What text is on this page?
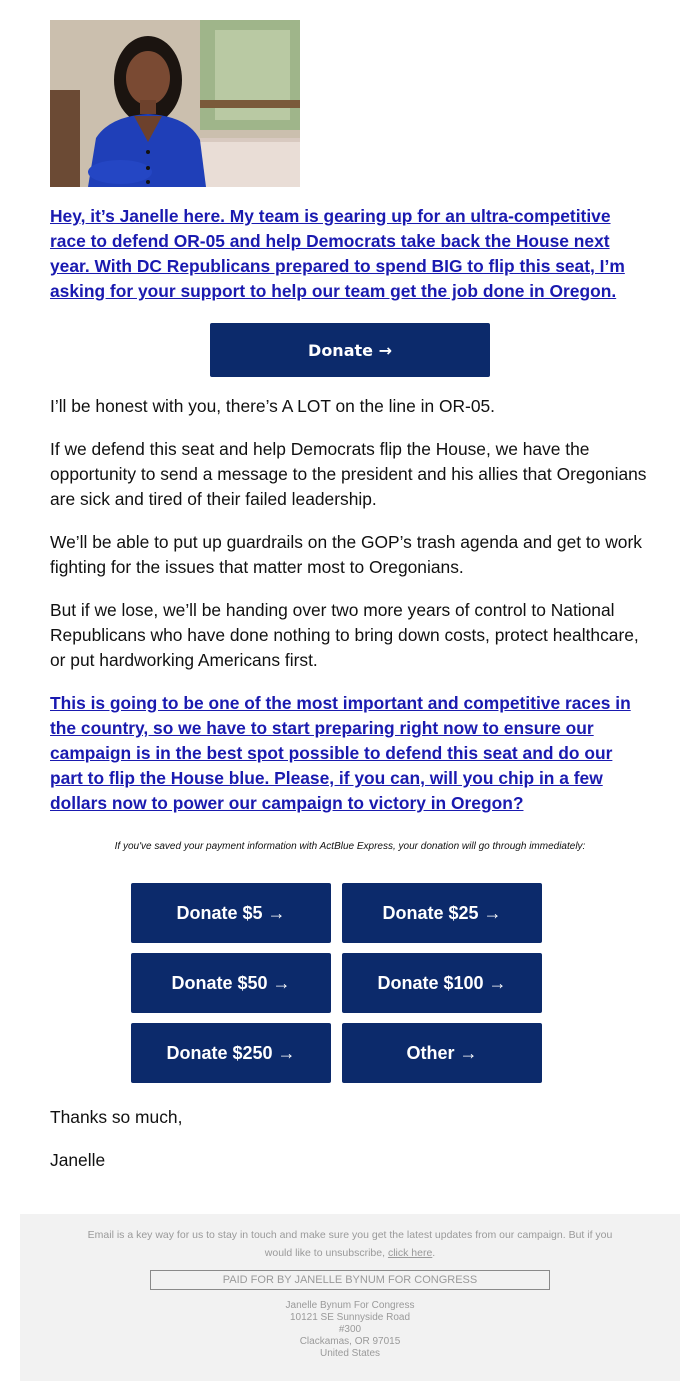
Hey, it’s Janelle here. My team is gearing up for an ultra-competitive race to defend OR-05 and help Democrats take back the House next year. With DC Republicans prepared to spend BIG to flip this seat, I’m asking for your support to help our team get the job done in Oregon.

Donate →

I’ll be honest with you, there’s A LOT on the line in OR-05.

If we defend this seat and help Democrats flip the House, we have the opportunity to send a message to the president and his allies that Oregonians are sick and tired of their failed leadership.

We’ll be able to put up guardrails on the GOP’s trash agenda and get to work fighting for the issues that matter most to Oregonians.

But if we lose, we’ll be handing over two more years of control to National Republicans who have done nothing to bring down costs, protect healthcare, or put hardworking Americans first.

This is going to be one of the most important and competitive races in the country, so we have to start preparing right now to ensure our campaign is in the best spot possible to defend this seat and do our part to flip the House blue. Please, if you can, will you chip in a few dollars now to power our campaign to victory in Oregon?

If you've saved your payment information with ActBlue Express, your donation will go through immediately:

Donate $5 →	Donate $25 →
Donate $50 →	Donate $100 →
Donate $250 →	Other →

Thanks so much,

Janelle

Email is a key way for us to stay in touch and make sure you get the latest updates from our campaign. But if you would like to unsubscribe, click here.

PAID FOR BY JANELLE BYNUM FOR CONGRESS

Janelle Bynum For Congress
10121 SE Sunnyside Road
#300
Clackamas, OR 97015
United States
